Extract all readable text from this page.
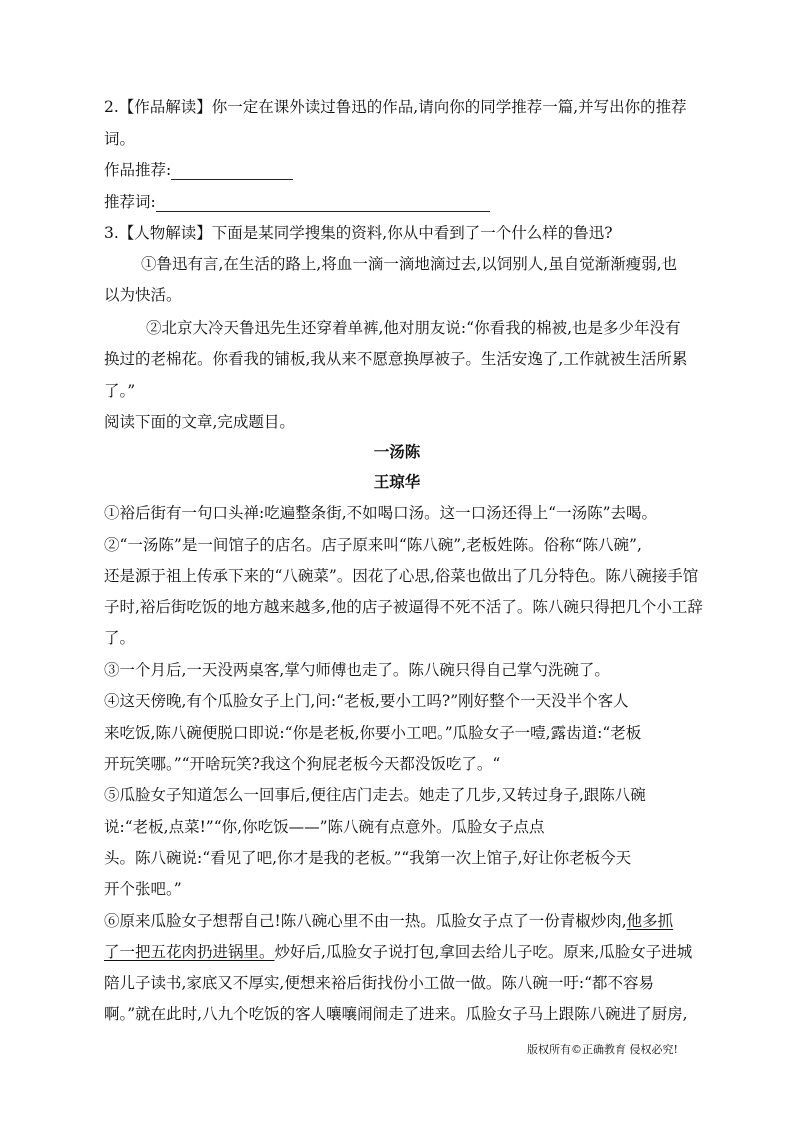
2.【作品解读】你一定在课外读过鲁迅的作品,请向你的同学推荐一篇,并写出你的推荐
词。
作品推荐:
推荐词:
3.【人物解读】下面是某同学搜集的资料,你从中看到了一个什么样的鲁迅?
①鲁迅有言,在生活的路上,将血一滴一滴地滴过去,以饲别人,虽自觉渐渐瘦弱,也
以为快活。
②北京大冷天鲁迅先生还穿着单裤,他对朋友说:“你看我的棉被,也是多少年没有
换过的老棉花。你看我的铺板,我从来不愿意换厚被子。生活安逸了,工作就被生活所累
了。”
阅读下面的文章,完成题目。
一汤陈
王琼华
①裕后街有一句口头禅:吃遍整条街,不如喝口汤。这一口汤还得上“一汤陈”去喝。
②“一汤陈”是一间馆子的店名。店子原来叫“陈八碗”,老板姓陈。俗称“陈八碗”,
还是源于祖上传承下来的“八碗菜”。因花了心思,俗菜也做出了几分特色。陈八碗接手馆
子时,裕后街吃饭的地方越来越多,他的店子被逼得不死不活了。陈八碗只得把几个小工辞
了。
③一个月后,一天没两桌客,掌勺师傅也走了。陈八碗只得自己掌勺洗碗了。
④这天傍晚,有个瓜脸女子上门,问:“老板,要小工吗?”刚好整个一天没半个客人
来吃饭,陈八碗便脱口即说:“你是老板,你要小工吧。”瓜脸女子一噎,露齿道:“老板
开玩笑哪。”“开啥玩笑?我这个狗屁老板今天都没饭吃了。“
⑤瓜脸女子知道怎么一回事后,便往店门走去。她走了几步,又转过身子,跟陈八碗
说:“老板,点菜!”“你,你吃饭——”陈八碗有点意外。瓜脸女子点点
头。陈八碗说:“看见了吧,你才是我的老板。”“我第一次上馆子,好让你老板今天
开个张吧。”
⑥原来瓜脸女子想帮自己!陈八碗心里不由一热。瓜脸女子点了一份青椒炒肉,他多抓
了一把五花肉扔进锅里。炒好后,瓜脸女子说打包,拿回去给儿子吃。原来,瓜脸女子进城
陪儿子读书,家底又不厚实,便想来裕后街找份小工做一做。陈八碗一吁:“都不容易
啊。”就在此时,八九个吃饭的客人嚷嚷闹闹走了进来。瓜脸女子马上跟陈八碗进了厨房,
版权所有©正确教育 侵权必究!
